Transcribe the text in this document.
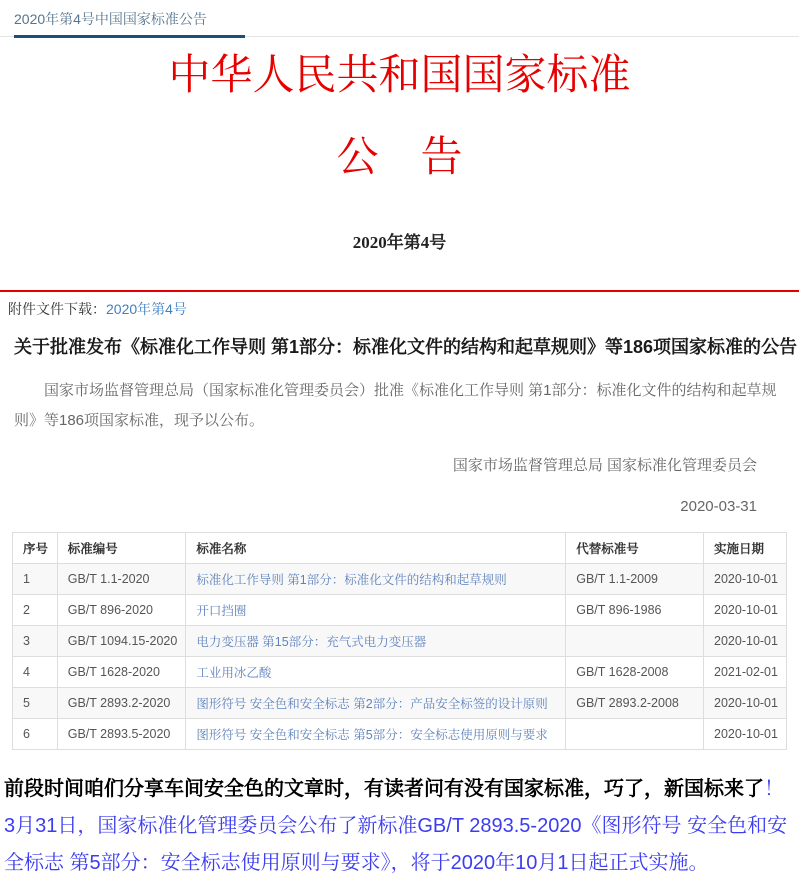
2020年第4号中国国家标准公告
中华人民共和国国家标准
公　告
2020年第4号
附件文件下载：2020年第4号
关于批准发布《标准化工作导则 第1部分：标准化文件的结构和起草规则》等186项国家标准的公告

国家市场监督管理总局（国家标准化管理委员会）批准《标准化工作导则 第1部分：标准化文件的结构和起草规则》等186项国家标准，现予以公布。

国家市场监督管理总局 国家标准化管理委员会

2020-03-31

序号	标准编号	标准名称	代替标准号	实施日期
1	GB/T 1.1-2020	标准化工作导则 第1部分：标准化文件的结构和起草规则	GB/T 1.1-2009	2020-10-01
2	GB/T 896-2020	开口挡圈	GB/T 896-1986	2020-10-01
3	GB/T 1094.15-2020	电力变压器 第15部分：充气式电力变压器		2020-10-01
4	GB/T 1628-2020	工业用冰乙酸	GB/T 1628-2008	2021-02-01
5	GB/T 2893.2-2020	图形符号 安全色和安全标志 第2部分：产品安全标签的设计原则	GB/T 2893.2-2008	2020-10-01
6	GB/T 2893.5-2020	图形符号 安全色和安全标志 第5部分：安全标志使用原则与要求		2020-10-01

前段时间咱们分享车间安全色的文章时，有读者问有没有国家标准，巧了，新国标来了！3月31日，国家标准化管理委员会公布了新标准GB/T 2893.5-2020《图形符号 安全色和安全标志 第5部分：安全标志使用原则与要求》，将于2020年10月1日起正式实施。
